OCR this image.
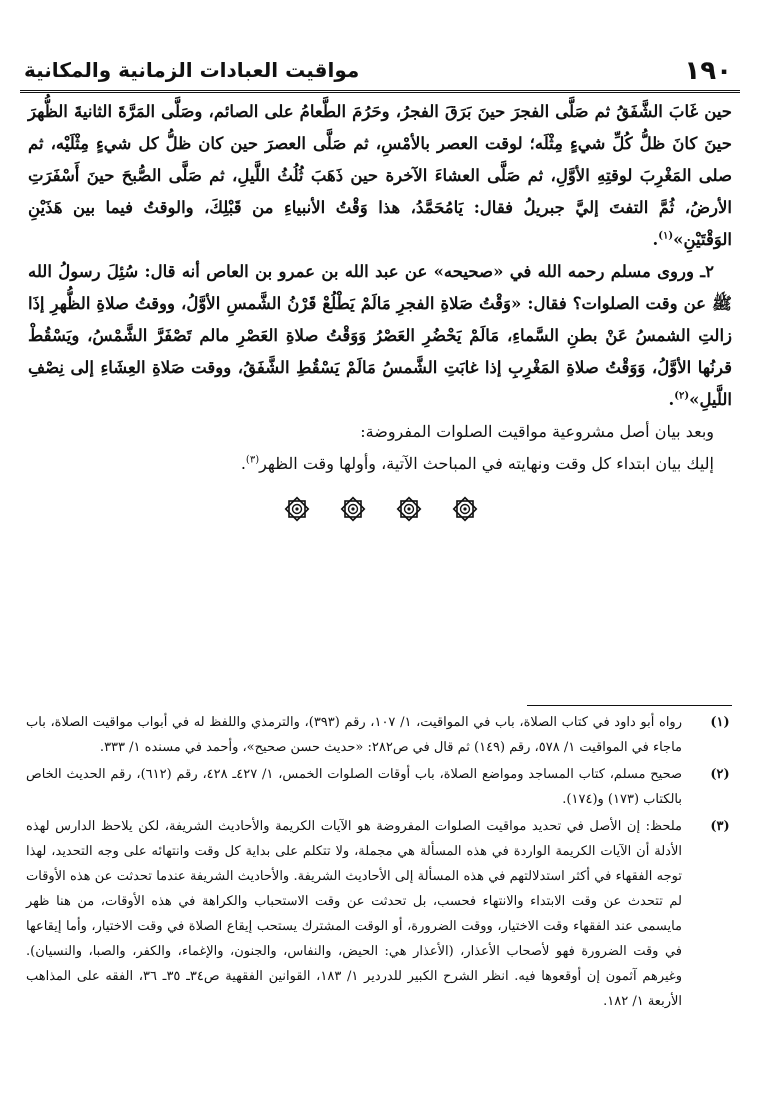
١٩٠
مواقيت العبادات الزمانية والمكانية
حين غَابَ الشَّفَقُ ثم صَلَّى الفجرَ حينَ بَرَقَ الفجرُ، وحَرُمَ الطَّعامُ على الصائم، وصَلَّى المَرَّةَ الثانيةَ الظُّهرَ حينَ كانَ ظلُّ كُلِّ شيءٍ مِثْلَه؛ لوقت العصر بالأمْسِ، ثم صَلَّى العصرَ حين كان ظلُّ كل شيءٍ مِثْلَيْه، ثم صلى المَغْرِبَ لوقتِهِ الأوَّلِ، ثم صَلَّى العشاءَ الآخرة حين ذَهَبَ ثُلُثُ اللَّيلِ، ثم صَلَّى الصُّبحَ حينَ أَسْفَرَتِ الأرضُ، ثُمَّ التفتَ إليَّ جبريلُ فقال: يَامُحَمَّدُ، هذا وَقْتُ الأنبياءِ من قَبْلِكَ، والوقتُ فيما بين هَذَيْنِ الوَقْتَيْنِ»$^{(١)}$.
٢ـ وروى مسلم رحمه الله في «صحيحه» عن عبد الله بن عمرو بن العاص أنه قال: سُئِلَ رسولُ الله ﷺ عن وقت الصلوات؟ فقال: «وَقْتُ صَلاةِ الفجرِ مَالَمْ يَطْلُعْ قَرْنُ الشَّمسِ الأوَّلُ، ووقتُ صلاةِ الظُّهرِ إذَا زالتِ الشمسُ عَنْ بطنِ السَّماءِ، مَالَمْ يَحْضُرِ العَصْرُ وَوَقْتُ صلاةِ العَصْرِ مالم تَصْفَرَّ الشَّمْسُ، ويَسْقُطْ قرنُها الأوَّلُ، وَوَقْتُ صلاةِ المَغْرِبِ إذا غابَتِ الشَّمسُ مَالَمْ يَسْقُطِ الشَّفَقُ، ووقت صَلاةِ العِشَاءِ إلى نِصْفِ اللَّيلِ»$^{(٢)}$.

وبعد بيان أصل مشروعية مواقيت الصلوات المفروضة:

إليك بيان ابتداء كل وقت ونهايته في المباحث الآتية، وأولها وقت الظهر$^{(٣)}$.

(١)
رواه أبو داود في كتاب الصلاة، باب في المواقيت، ١/ ١٠٧، رقم (٣٩٣)، والترمذي واللفظ له في أبواب مواقيت الصلاة، باب ماجاء في المواقيت ١/ ٥٧٨، رقم (١٤٩) ثم قال في ص٢٨٢: «حديث حسن صحيح»، وأحمد في مسنده ١/ ٣٣٣.
(٢)
صحيح مسلم، كتاب المساجد ومواضع الصلاة، باب أوقات الصلوات الخمس، ١/ ٤٢٧ـ ٤٢٨، رقم (٦١٢)، رقم الحديث الخاص بالكتاب (١٧٣) و(١٧٤).
(٣)
ملحظ: إن الأصل في تحديد مواقيت الصلوات المفروضة هو الآيات الكريمة والأحاديث الشريفة، لكن يلاحظ الدارس لهذه الأدلة أن الآيات الكريمة الواردة في هذه المسألة هي مجملة، ولا تتكلم على بداية كل وقت وانتهائه على وجه التحديد، لهذا توجه الفقهاء في أكثر استدلالتهم في هذه المسألة إلى الأحاديث الشريفة. والأحاديث الشريفة عندما تحدثت عن هذه الأوقات لم تتحدث عن وقت الابتداء والانتهاء فحسب، بل تحدثت عن وقت الاستحباب والكراهة في هذه الأوقات، من هنا ظهر مايسمى عند الفقهاء وقت الاختيار، ووقت الضرورة، أو الوقت المشترك يستحب إيقاع الصلاة في وقت الاختيار، وأما إيقاعها في وقت الضرورة فهو لأصحاب الأعذار، (الأعذار هي: الحيض، والنفاس، والجنون، والإغماء، والكفر، والصبا، والنسيان). وغيرهم آثمون إن أوقعوها فيه. انظر الشرح الكبير للدردير ١/ ١٨٣، القوانين الفقهية ص٣٤ـ ٣٥ـ ٣٦، الفقه على المذاهب الأربعة ١/ ١٨٢.
